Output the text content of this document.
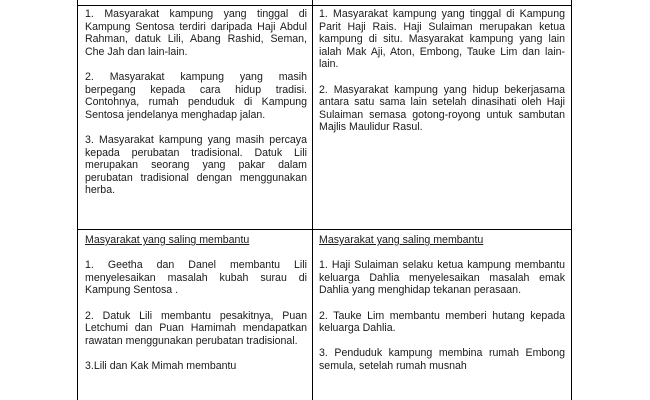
1. Masyarakat kampung yang tinggal di Kampung Sentosa terdiri daripada Haji Abdul Rahman, datuk Lili, Abang Rashid, Seman, Che Jah dan lain-lain.

2. Masyarakat kampung yang masih berpegang kepada cara hidup tradisi. Contohnya, rumah penduduk di Kampung Sentosa jendelanya menghadap jalan.

3. Masyarakat kampung yang masih percaya kepada perubatan tradisional. Datuk Lili merupakan seorang yang pakar dalam perubatan tradisional dengan menggunakan herba.

1. Masyarakat kampung yang tinggal di Kampung Parit Haji Rais. Haji Sulaiman merupakan ketua kampung di situ. Masyarakat kampung yang lain ialah Mak Aji, Aton, Embong, Tauke Lim dan lain-lain.

2. Masyarakat kampung yang hidup bekerjasama antara satu sama lain setelah dinasihati oleh Haji Sulaiman semasa gotong-royong untuk sambutan Majlis Maulidur Rasul.

Masyarakat yang saling membantu

1. Geetha dan Danel membantu Lili menyelesaikan masalah kubah surau di Kampung Sentosa .

2. Datuk Lili membantu pesakitnya, Puan Letchumi dan Puan Hamimah mendapatkan rawatan menggunakan perubatan tradisional.

3.Lili dan Kak Mimah membantu

Masyarakat yang saling membantu

1. Haji Sulaiman selaku ketua kampung membantu keluarga Dahlia menyelesaikan masalah emak Dahlia yang menghidap tekanan perasaan.

2. Tauke Lim membantu memberi hutang kepada keluarga Dahlia.

3. Penduduk kampung membina rumah Embong semula, setelah rumah musnah
